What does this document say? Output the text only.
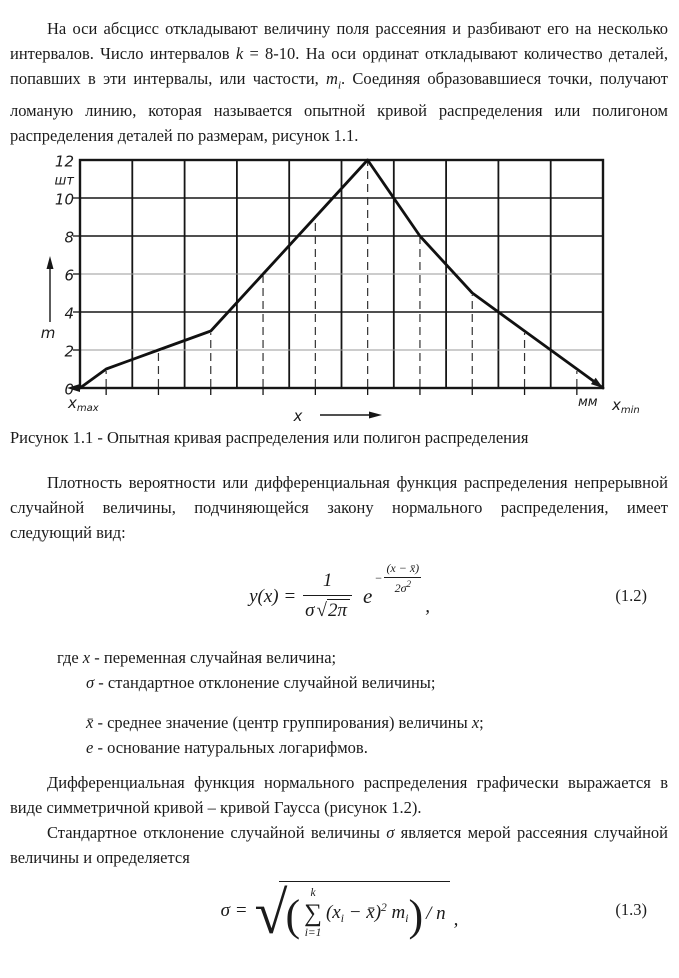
На оси абсцисс откладывают величину поля рассеяния и разбивают его на несколько интервалов. Число интервалов k = 8-10. На оси ординат откладывают количество деталей, попавших в эти интервалы, или частости, $m_i$. Соединяя образовавшиеся точки, получают ломаную линию, которая называется опытной кривой распределения или полигоном распределения деталей по размерам, рисунок 1.1.

12
шт
10
8
6
4
2
0
m
$x_{max}$	мм $x_{min}$
x

Рисунок 1.1 - Опытная кривая распределения или полигон распределения

Плотность вероятности или дифференциальная функция распределения непрерывной случайной величины, подчиняющейся закону нормального распределения, имеет следующий вид:

$y(x) = \frac{1}{\sigma √ 2\pi}$ e
− $\frac{(x - x̄)}{2\sigma^2}$
,
(1.2)
где x - переменная случайная величина;
σ - стандартное отклонение случайной величины;
x̄ - среднее значение (центр группирования) величины x;
e - основание натуральных логарифмов.

Дифференциальная функция нормального распределения графически выражается в виде симметричной кривой – кривой Гаусса (рисунок 1.2).

Стандартное отклонение случайной величины σ является мерой рассеяния случайной величины и определяется

σ = √
( k
∑
i=1
($x_i$ − x̄)$^2$ $m_i$ ) / n ,	(1.3)
